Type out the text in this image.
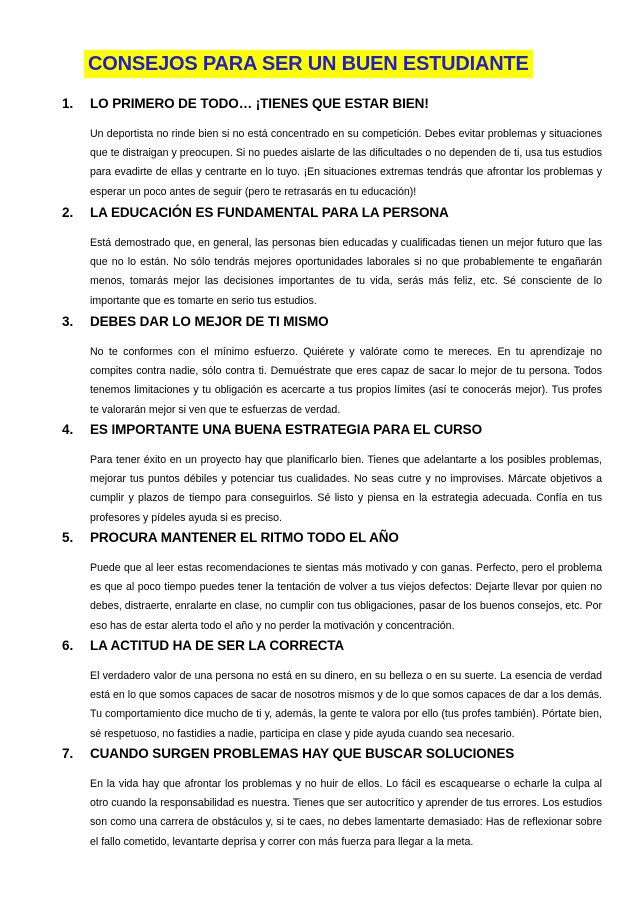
CONSEJOS PARA SER UN BUEN ESTUDIANTE
1. LO PRIMERO DE TODO… ¡TIENES QUE ESTAR BIEN!
Un deportista no rinde bien si no está concentrado en su competición. Debes evitar problemas y situaciones que te distraigan y preocupen. Si no puedes aislarte de las dificultades o no dependen de ti, usa tus estudios para evadirte de ellas y centrarte en lo tuyo. ¡En situaciones extremas tendrás que afrontar los problemas y esperar un poco antes de seguir (pero te retrasarás en tu educación)!
2. LA EDUCACIÓN ES FUNDAMENTAL PARA LA PERSONA
Está demostrado que, en general, las personas bien educadas y cualificadas tienen un mejor futuro que las que no lo están. No sólo tendrás mejores oportunidades laborales si no que probablemente te engañarán menos, tomarás mejor las decisiones importantes de tu vida, serás más feliz, etc. Sé consciente de lo importante que es tomarte en serio tus estudios.
3. DEBES DAR LO MEJOR DE TI MISMO
No te conformes con el mínimo esfuerzo. Quiérete y valórate como te mereces. En tu aprendizaje no compites contra nadie, sólo contra ti. Demuéstrate que eres capaz de sacar lo mejor de tu persona. Todos tenemos limitaciones y tu obligación es acercarte a tus propios límites (así te conocerás mejor). Tus profes te valorarán mejor si ven que te esfuerzas de verdad.
4. ES IMPORTANTE UNA BUENA ESTRATEGIA PARA EL CURSO
Para tener éxito en un proyecto hay que planificarlo bien. Tienes que adelantarte a los posibles problemas, mejorar tus puntos débiles y potenciar tus cualidades. No seas cutre y no improvises. Márcate objetivos a cumplir y plazos de tiempo para conseguirlos. Sé listo y piensa en la estrategia adecuada. Confía en tus profesores y pídeles ayuda si es preciso.
5. PROCURA MANTENER EL RITMO TODO EL AÑO
Puede que al leer estas recomendaciones te sientas más motivado y con ganas. Perfecto, pero el problema es que al poco tiempo puedes tener la tentación de volver a tus viejos defectos: Dejarte llevar por quien no debes, distraerte, enralarte en clase, no cumplir con tus obligaciones, pasar de los buenos consejos, etc. Por eso has de estar alerta todo el año y no perder la motivación y concentración.
6. LA ACTITUD HA DE SER LA CORRECTA
El verdadero valor de una persona no está en su dinero, en su belleza o en su suerte. La esencia de verdad está en lo que somos capaces de sacar de nosotros mismos y de lo que somos capaces de dar a los demás. Tu comportamiento dice mucho de ti y, además, la gente te valora por ello (tus profes también). Pórtate bien, sé respetuoso, no fastidies a nadie, participa en clase y pide ayuda cuando sea necesario.
7. CUANDO SURGEN PROBLEMAS HAY QUE BUSCAR SOLUCIONES
En la vida hay que afrontar los problemas y no huir de ellos. Lo fácil es escaquearse o echarle la culpa al otro cuando la responsabilidad es nuestra. Tienes que ser autocrítico y aprender de tus errores. Los estudios son como una carrera de obstáculos y, si te caes, no debes lamentarte demasiado: Has de reflexionar sobre el fallo cometido, levantarte deprisa y correr con más fuerza para llegar a la meta.
